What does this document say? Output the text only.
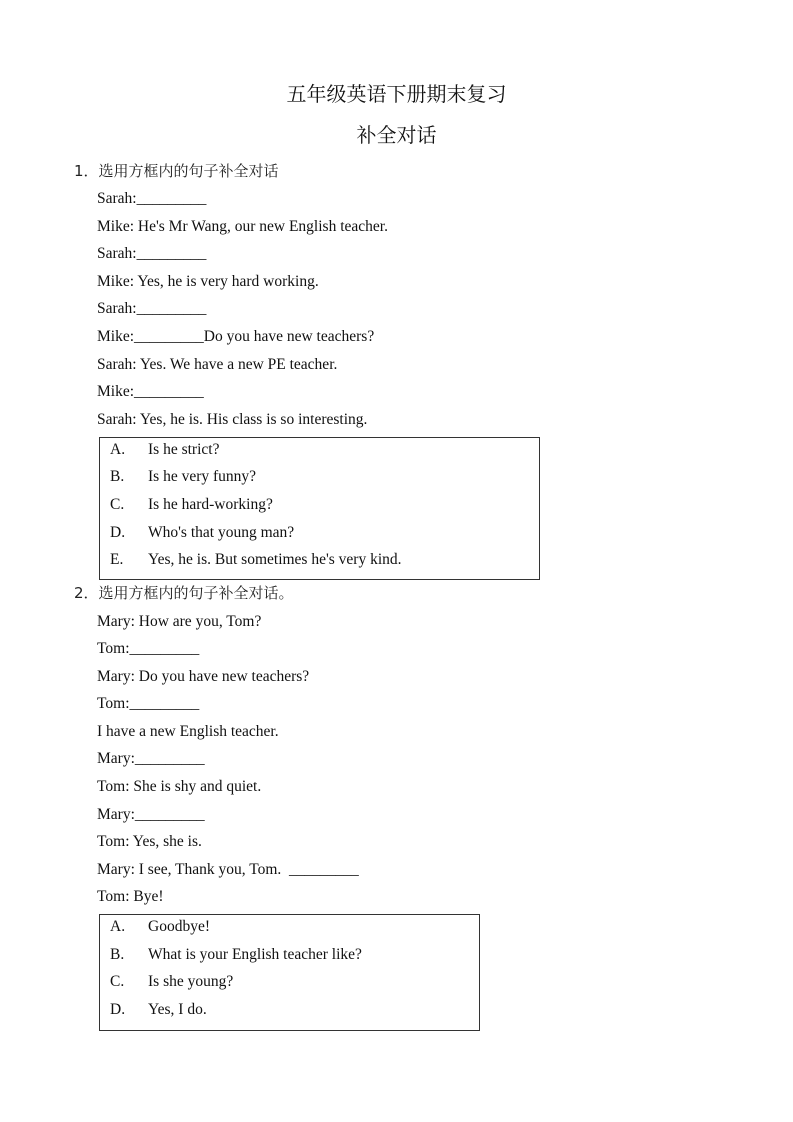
五年级英语下册期末复习
补全对话
1．选用方框内的句子补全对话
Sarah:_________
Mike: He's Mr Wang, our new English teacher.
Sarah:_________
Mike: Yes, he is very hard working.
Sarah:_________
Mike:_________Do you have new teachers?
Sarah: Yes. We have a new PE teacher.
Mike:_________
Sarah: Yes, he is. His class is so interesting.
A. Is he strict?
B. Is he very funny?
C. Is he hard-working?
D. Who's that young man?
E. Yes, he is. But sometimes he's very kind.
2．选用方框内的句子补全对话。
Mary: How are you, Tom?
Tom:_________
Mary: Do you have new teachers?
Tom:_________
I have a new English teacher.
Mary:_________
Tom: She is shy and quiet.
Mary:_________
Tom: Yes, she is.
Mary: I see, Thank you, Tom.  _________
Tom: Bye!
A. Goodbye!
B. What is your English teacher like?
C. Is she young?
D. Yes, I do.
